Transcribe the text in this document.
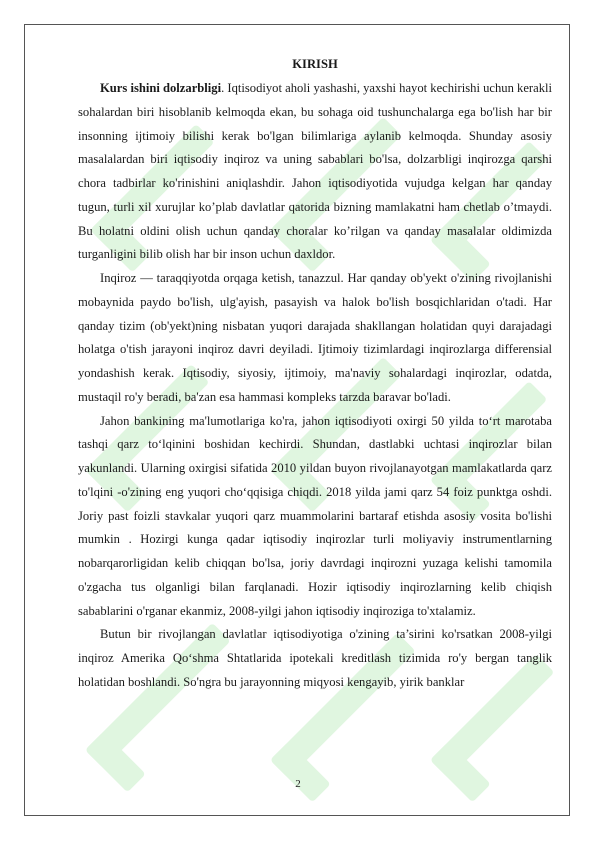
KIRISH

Kurs ishini dolzarbligi. Iqtisodiyot aholi yashashi, yaxshi hayot kechirishi uchun kerakli sohalardan biri hisoblanib kelmoqda ekan, bu sohaga oid tushunchalarga ega bo'lish har bir insonning ijtimoiy bilishi kerak bo'lgan bilimlariga aylanib kelmoqda. Shunday asosiy masalalardan biri iqtisodiy inqiroz va uning sabablari bo'lsa, dolzarbligi inqirozga qarshi chora tadbirlar ko'rinishini aniqlashdir. Jahon iqtisodiyotida vujudga kelgan har qanday tugun, turli xil xurujlar ko’plab davlatlar qatorida bizning mamlakatni ham chetlab o’tmaydi. Bu holatni oldini olish uchun qanday choralar ko’rilgan va qanday masalalar oldimizda turganligini bilib olish har bir inson uchun daxldor.

Inqiroz — taraqqiyotda orqaga ketish, tanazzul. Har qanday ob'yekt o'zining rivojlanishi mobaynida paydo bo'lish, ulg'ayish, pasayish va halok bo'lish bosqichlaridan o'tadi. Har qanday tizim (ob'yekt)ning nisbatan yuqori darajada shakllangan holatidan quyi darajadagi holatga o'tish jarayoni inqiroz davri deyiladi. Ijtimoiy tizimlardagi inqirozlarga differensial yondashish kerak. Iqtisodiy, siyosiy, ijtimoiy, ma'naviy sohalardagi inqirozlar, odatda, mustaqil ro'y beradi, ba'zan esa hammasi kompleks tarzda baravar bo'ladi.

Jahon bankining ma'lumotlariga ko'ra, jahon iqtisodiyoti oxirgi 50 yilda to‘rt marotaba tashqi qarz to‘lqinini boshidan kechirdi. Shundan, dastlabki uchtasi inqirozlar bilan yakunlandi. Ularning oxirgisi sifatida 2010 yildan buyon rivojlanayotgan mamlakatlarda qarz to'lqini -o'zining eng yuqori cho‘qqisiga chiqdi. 2018 yilda jami qarz 54 foiz punktga oshdi. Joriy past foizli stavkalar yuqori qarz muammolarini bartaraf etishda asosiy vosita bo'lishi mumkin . Hozirgi kunga qadar iqtisodiy inqirozlar turli moliyaviy instrumentlarning nobarqarorligidan kelib chiqqan bo'lsa, joriy davrdagi inqirozni yuzaga kelishi tamomila o'zgacha tus olganligi bilan farqlanadi. Hozir iqtisodiy inqirozlarning kelib chiqish sabablarini o'rganar ekanmiz, 2008-yilgi jahon iqtisodiy inqiroziga to'xtalamiz.

Butun bir rivojlangan davlatlar iqtisodiyotiga o'zining ta’sirini ko'rsatkan 2008-yilgi inqiroz Amerika Qo‘shma Shtatlarida ipotekali kreditlash tizimida ro'y bergan tanglik holatidan boshlandi. So'ngra bu jarayonning miqyosi kengayib, yirik banklar

2
